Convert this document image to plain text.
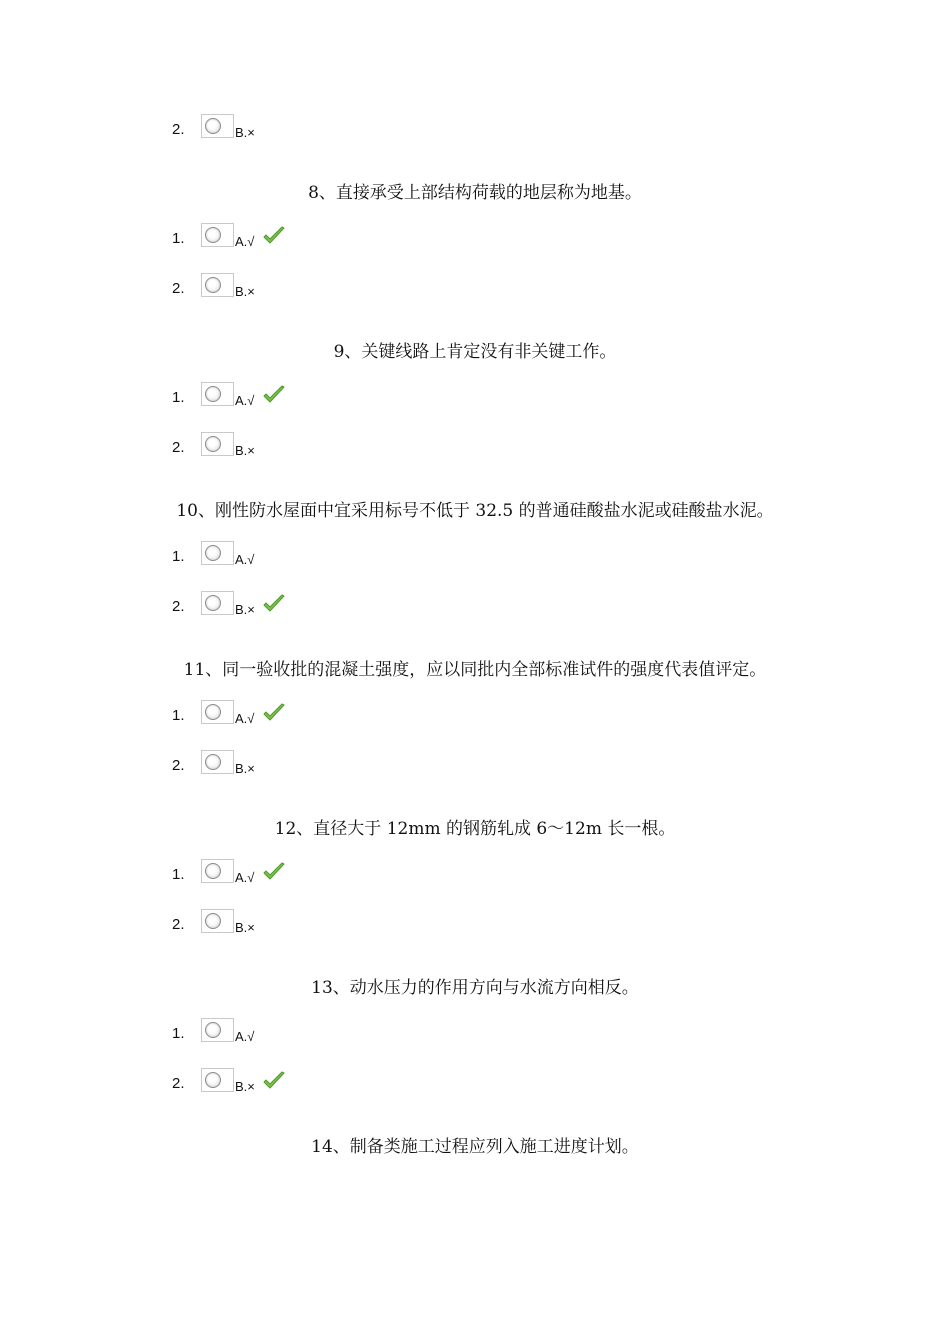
2.	B.×
8、直接承受上部结构荷载的地层称为地基。
1.	A.√
2.	B.×
9、关键线路上肯定没有非关键工作。
1.	A.√
2.	B.×
10、刚性防水屋面中宜采用标号不低于 32.5 的普通硅酸盐水泥或硅酸盐水泥。
1.	A.√
2.	B.×
11、同一验收批的混凝土强度，应以同批内全部标准试件的强度代表值评定。
1.	A.√
2.	B.×
12、直径大于 12mm 的钢筋轧成 6～12m 长一根。
1.	A.√
2.	B.×
13、动水压力的作用方向与水流方向相反。
1.	A.√
2.	B.×
14、制备类施工过程应列入施工进度计划。
